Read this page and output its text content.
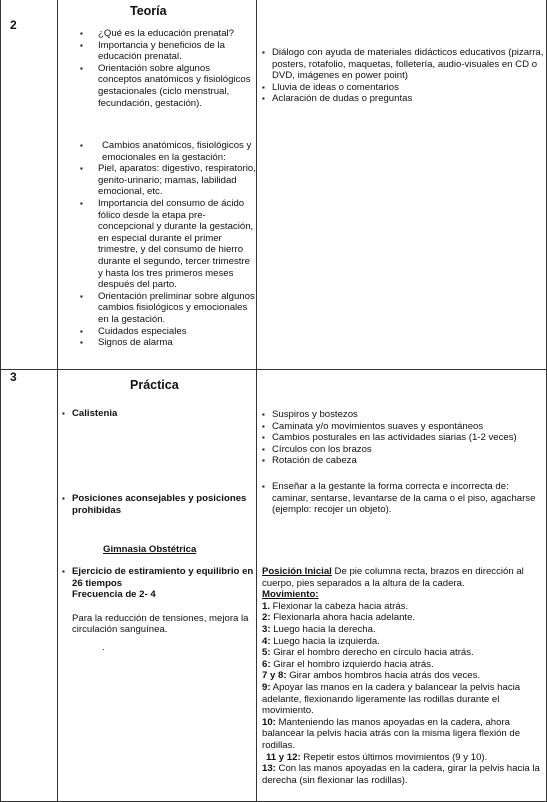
2
Teoría
▪ ¿Qué es la educación prenatal?
▪ Importancia y beneficios de la educación prenatal.
▪ Orientación sobre algunos conceptos anatómicos y fisiológicos gestacionales (ciclo menstrual, fecundación, gestación).
▪ Cambios anatómicos, fisiológicos y emocionales en la gestación:
▪ Piel, aparatos: digestivo, respiratorio, genito-urinario; mamas, labilidad emocional, etc.
▪ Importancia del consumo de ácido fólico desde la etapa pre-concepcional y durante la gestación, en especial durante el primer trimestre, y del consumo de hierro durante el segundo, tercer trimestre y hasta los tres primeros meses después del parto.
▪ Orientación preliminar sobre algunos cambios fisiológicos y emocionales en la gestación.
▪ Cuidados especiales
▪ Signos de alarma
▪ Diálogo con ayuda de materiales didácticos educativos (pizarra, posters, rotafolio, maquetas, folletería, audio-visuales en CD o DVD, imágenes en power point)
▪ Lluvia de ideas o comentarios
▪ Aclaración de dudas o preguntas
3
Práctica
▪ Calistenia
▪	Suspiros y bostezos
▪ Caminata y/o movimientos suaves y espontáneos
▪ Cambios posturales en las actividades siarias (1-2 veces)
▪ Círculos con los brazos
▪ Rotación de cabeza
▪ Posiciones aconsejables y posiciones prohibidas
▪ Enseñar a la gestante la forma correcta e incorrecta de: caminar, sentarse, levantarse de la cama o el piso, agacharse (ejemplo: recojer un objeto).
Gimnasia Obstétrica
▪ Ejercicio de estiramiento y equilibrio en 26 tiempos
Frecuencia de 2- 4
Para la reducción de tensiones, mejora la circulación sanguínea.
.
Posición Inicial De pie columna recta, brazos en dirección al cuerpo, pies separados a la altura de la cadera.
Movimiento:
1. Flexionar la cabeza hacia atrás.
2: Flexionarla ahora hacia adelante.
3: Luego hacia la derecha.
4: Luego hacia la izquierda.
5: Girar el hombro derecho en círculo hacia atrás.
6: Girar el hombro izquierdo hacia atrás.
7 y 8: Girar ambos hombros hacia atrás dos veces.
9: Apoyar las manos en la cadera y balancear la pelvis hacia adelante, flexionando ligeramente las rodillas durante el movimiento.
10: Manteniendo las manos apoyadas en la cadera, ahora balancear la pelvis hacia atrás con la misma ligera flexión de rodillas.
11 y 12: Repetir estos últimos movimientos (9 y 10).
13: Con las manos apoyadas en la cadera, girar la pelvis hacia la derecha (sin flexionar las rodillas).
